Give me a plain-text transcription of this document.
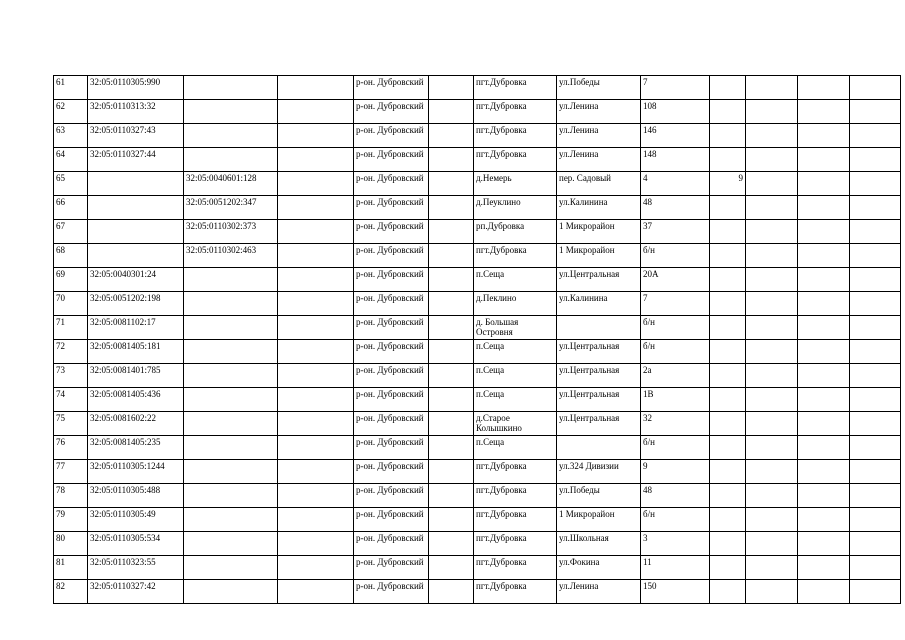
61	32:05:0110305:990			р-он. Дубровский		пгт.Дубровка	ул.Победы	7				
62	32:05:0110313:32			р-он. Дубровский		пгт.Дубровка	ул.Ленина	108				
63	32:05:0110327:43			р-он. Дубровский		пгт.Дубровка	ул.Ленина	146				
64	32:05:0110327:44			р-он. Дубровский		пгт.Дубровка	ул.Ленина	148				
65		32:05:0040601:128		р-он. Дубровский		д.Немерь	пер. Садовый	4	9			
66		32:05:0051202:347		р-он. Дубровский		д.Пеуклино	ул.Калинина	48				
67		32:05:0110302:373		р-он. Дубровский		рп.Дубровка	1 Микрорайон	37				
68		32:05:0110302:463		р-он. Дубровский		пгт.Дубровка	1 Микрорайон	б/н				
69	32:05:0040301:24			р-он. Дубровский		п.Сеща	ул.Центральная	20А				
70	32:05:0051202:198			р-он. Дубровский		д.Пеклино	ул.Калинина	7				
71	32:05:0081102:17			р-он. Дубровский		д. Большая Островня		б/н				
72	32:05:0081405:181			р-он. Дубровский		п.Сеща	ул.Центральная	б/н				
73	32:05:0081401:785			р-он. Дубровский		п.Сеща	ул.Центральная	2а				
74	32:05:0081405:436			р-он. Дубровский		п.Сеща	ул.Центральная	1В				
75	32:05:0081602:22			р-он. Дубровский		д.Старое Колышкино	ул.Центральная	32				
76	32:05:0081405:235			р-он. Дубровский		п.Сеща		б/н				
77	32:05:0110305:1244			р-он. Дубровский		пгт.Дубровка	ул.324 Дивизии	9				
78	32:05:0110305:488			р-он. Дубровский		пгт.Дубровка	ул.Победы	48				
79	32:05:0110305:49			р-он. Дубровский		пгт.Дубровка	1 Микрорайон	б/н				
80	32:05:0110305:534			р-он. Дубровский		пгт.Дубровка	ул.Школьная	3				
81	32:05:0110323:55			р-он. Дубровский		пгт.Дубровка	ул.Фокина	11				
82	32:05:0110327:42			р-он. Дубровский		пгт.Дубровка	ул.Ленина	150				
